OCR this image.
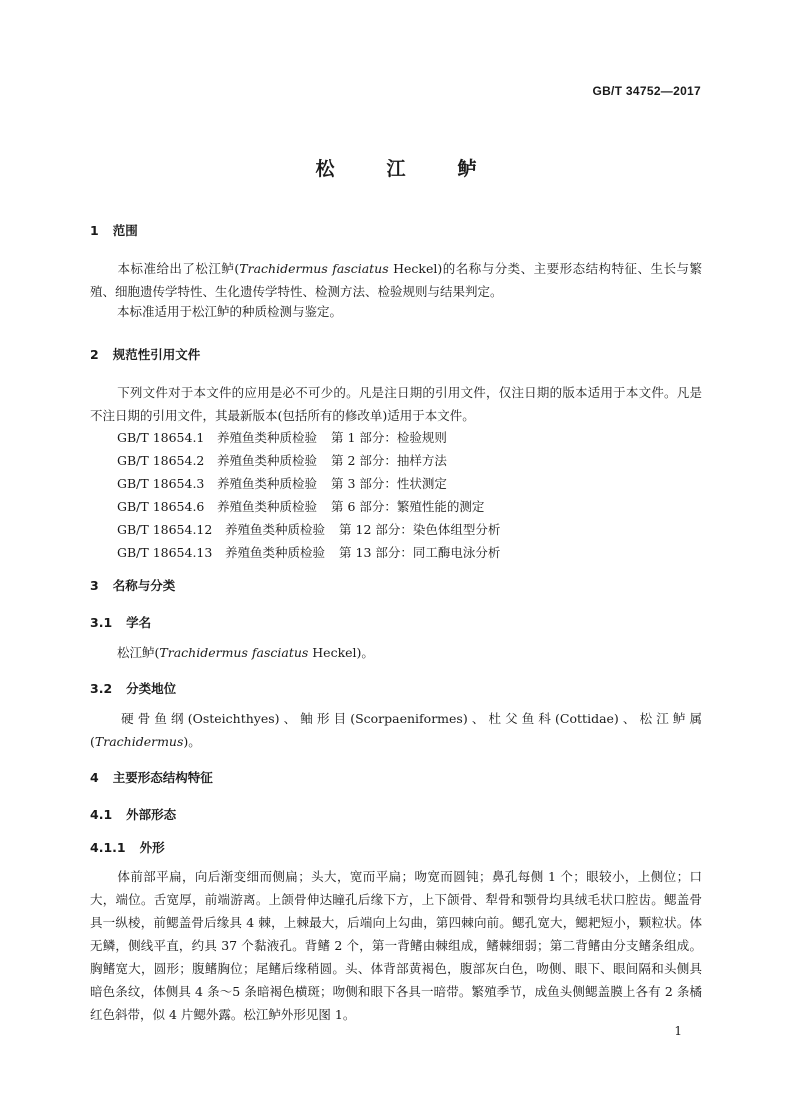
GB/T 34752—2017
松	江	鲈
1 范围
本标准给出了松江鲈(Trachidermus fasciatus Heckel)的名称与分类、主要形态结构特征、生长与繁殖、细胞遗传学特性、生化遗传学特性、检测方法、检验规则与结果判定。
本标准适用于松江鲈的种质检测与鉴定。
2 规范性引用文件
下列文件对于本文件的应用是必不可少的。凡是注日期的引用文件，仅注日期的版本适用于本文件。凡是不注日期的引用文件，其最新版本(包括所有的修改单)适用于本文件。
GB/T 18654.1 养殖鱼类种质检验 第 1 部分：检验规则
GB/T 18654.2 养殖鱼类种质检验 第 2 部分：抽样方法
GB/T 18654.3 养殖鱼类种质检验 第 3 部分：性状测定
GB/T 18654.6 养殖鱼类种质检验 第 6 部分：繁殖性能的测定
GB/T 18654.12 养殖鱼类种质检验 第 12 部分：染色体组型分析
GB/T 18654.13 养殖鱼类种质检验 第 13 部分：同工酶电泳分析
3 名称与分类
3.1 学名
松江鲈(Trachidermus fasciatus Heckel)。
3.2 分类地位
硬骨鱼纲(Osteichthyes)、鲉形目(Scorpaeniformes)、杜父鱼科(Cottidae)、松江鲈属(Trachidermus)。
4 主要形态结构特征
4.1 外部形态
4.1.1 外形
体前部平扁，向后渐变细而侧扁；头大，宽而平扁；吻宽而圆钝；鼻孔每侧 1 个；眼较小，上侧位；口大，端位。舌宽厚，前端游离。上颌骨伸达瞳孔后缘下方，上下颌骨、犁骨和颚骨均具绒毛状口腔齿。鳃盖骨具一纵棱，前鳃盖骨后缘具 4 棘，上棘最大，后端向上勾曲，第四棘向前。鳃孔宽大，鳃耙短小，颗粒状。体无鳞，侧线平直，约具 37 个黏液孔。背鳍 2 个，第一背鳍由棘组成，鳍棘细弱；第二背鳍由分支鳍条组成。胸鳍宽大，圆形；腹鳍胸位；尾鳍后缘稍圆。头、体背部黄褐色，腹部灰白色，吻侧、眼下、眼间隔和头侧具暗色条纹，体侧具 4 条～5 条暗褐色横斑；吻侧和眼下各具一暗带。繁殖季节，成鱼头侧鳃盖膜上各有 2 条橘红色斜带，似 4 片鳃外露。松江鲈外形见图 1。
1
